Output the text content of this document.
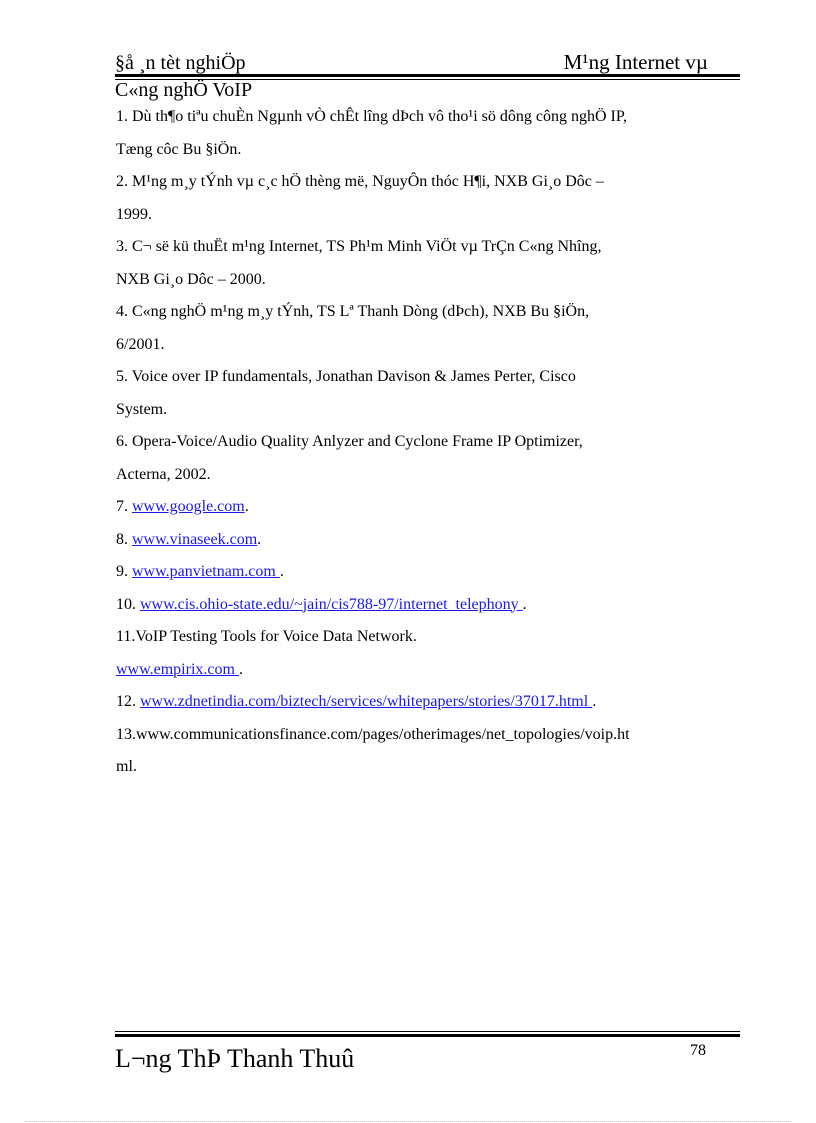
§å ¸n tèt nghiÖp	M¹ng Internet vµ
C«ng nghÖ VoIP
1. Dù th¶o tiªu chuÈn Ngµnh vÒ chÊt lîng dÞch vô tho¹i sö dông công nghÖ IP,
Tæng côc Bu §iÖn.
2. M¹ng m¸y tÝnh vµ c¸c hÖ thèng më, NguyÔn thóc H¶i, NXB Gi¸o Dôc –
1999.
3. C¬ së kü thuËt m¹ng Internet, TS Ph¹m Minh ViÖt vµ TrÇn C«ng Nhîng,
NXB Gi¸o Dôc – 2000.
4. C«ng nghÖ m¹ng m¸y tÝnh, TS Lª Thanh Dòng (dÞch), NXB Bu §iÖn,
6/2001.
5. Voice over IP fundamentals, Jonathan Davison & James Perter, Cisco
System.
6. Opera-Voice/Audio Quality Anlyzer and Cyclone Frame IP Optimizer,
Acterna, 2002.
7. www.google.com.
8. www.vinaseek.com.
9. www.panvietnam.com .
10. www.cis.ohio-state.edu/~jain/cis788-97/internet_telephony .
11.VoIP Testing Tools for Voice Data Network.
www.empirix.com .
12. www.zdnetindia.com/biztech/services/whitepapers/stories/37017.html .
13.www.communicationsfinance.com/pages/otherimages/net_topologies/voip.ht
ml.
L¬ng ThÞ Thanh Thuû	78
